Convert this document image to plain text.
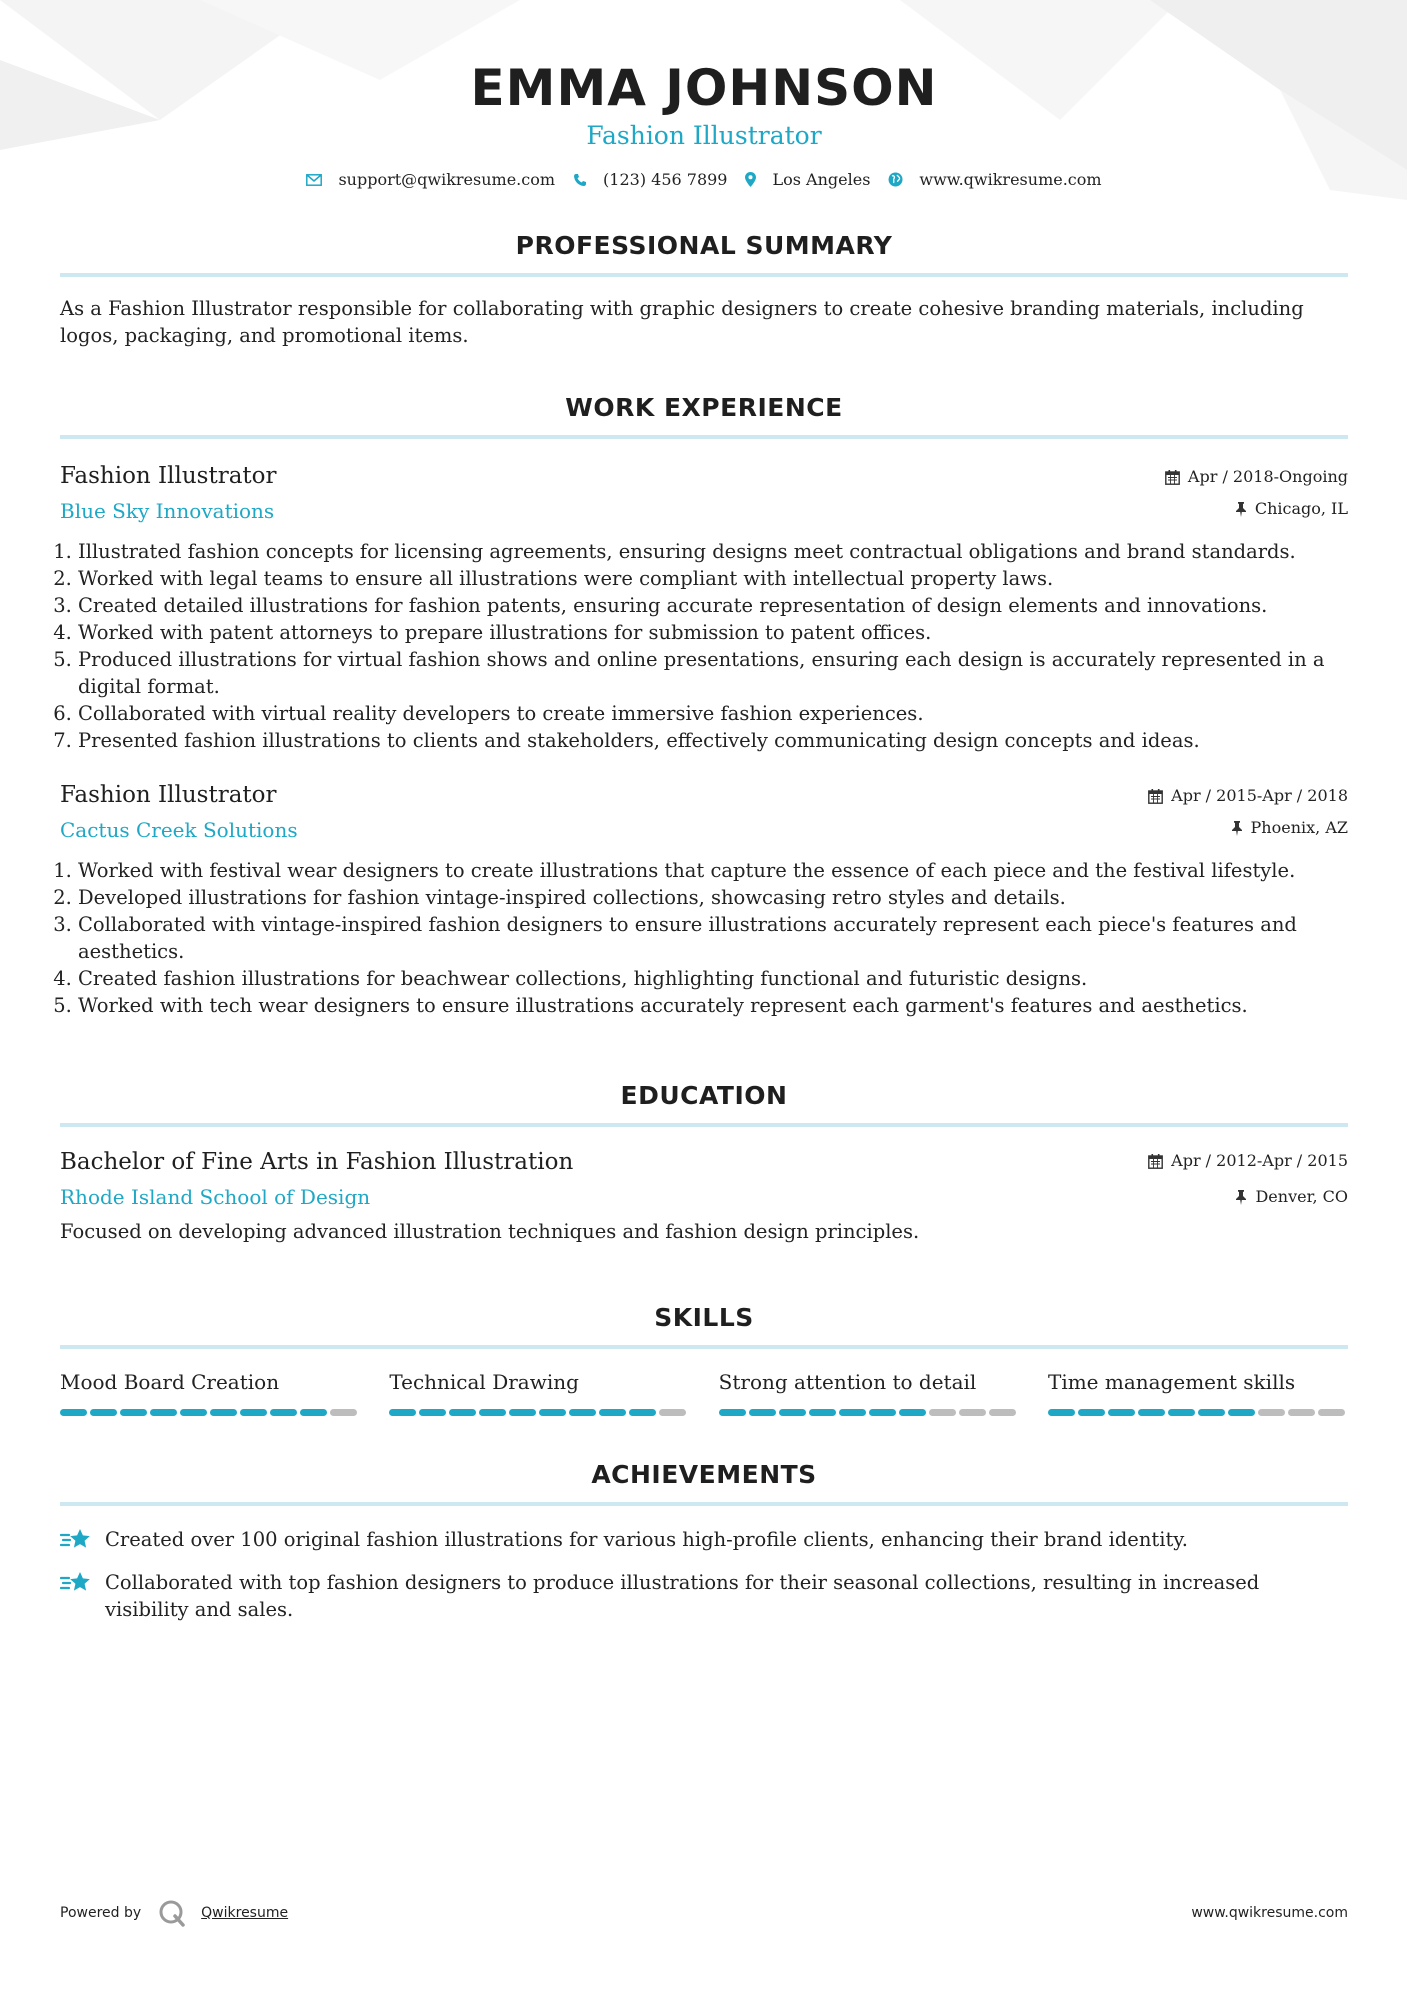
EMMA JOHNSON
Fashion Illustrator
support@qwikresume.com	(123) 456 7899	Los Angeles	www.qwikresume.com
PROFESSIONAL SUMMARY
As a Fashion Illustrator responsible for collaborating with graphic designers to create cohesive branding materials, including logos, packaging, and promotional items.
WORK EXPERIENCE
Fashion Illustrator
Blue Sky Innovations
Apr / 2018-Ongoing
Chicago, IL
1. Illustrated fashion concepts for licensing agreements, ensuring designs meet contractual obligations and brand standards.
2. Worked with legal teams to ensure all illustrations were compliant with intellectual property laws.
3. Created detailed illustrations for fashion patents, ensuring accurate representation of design elements and innovations.
4. Worked with patent attorneys to prepare illustrations for submission to patent offices.
5. Produced illustrations for virtual fashion shows and online presentations, ensuring each design is accurately represented in a digital format.
6. Collaborated with virtual reality developers to create immersive fashion experiences.
7. Presented fashion illustrations to clients and stakeholders, effectively communicating design concepts and ideas.
Fashion Illustrator
Cactus Creek Solutions
Apr / 2015-Apr / 2018
Phoenix, AZ
1. Worked with festival wear designers to create illustrations that capture the essence of each piece and the festival lifestyle.
2. Developed illustrations for fashion vintage-inspired collections, showcasing retro styles and details.
3. Collaborated with vintage-inspired fashion designers to ensure illustrations accurately represent each piece's features and aesthetics.
4. Created fashion illustrations for beachwear collections, highlighting functional and futuristic designs.
5. Worked with tech wear designers to ensure illustrations accurately represent each garment's features and aesthetics.
EDUCATION
Bachelor of Fine Arts in Fashion Illustration
Rhode Island School of Design
Apr / 2012-Apr / 2015
Denver, CO
Focused on developing advanced illustration techniques and fashion design principles.
SKILLS
Mood Board Creation	Technical Drawing	Strong attention to detail	Time management skills
ACHIEVEMENTS
Created over 100 original fashion illustrations for various high-profile clients, enhancing their brand identity.
Collaborated with top fashion designers to produce illustrations for their seasonal collections, resulting in increased visibility and sales.
Powered by	Qwikresume	www.qwikresume.com
